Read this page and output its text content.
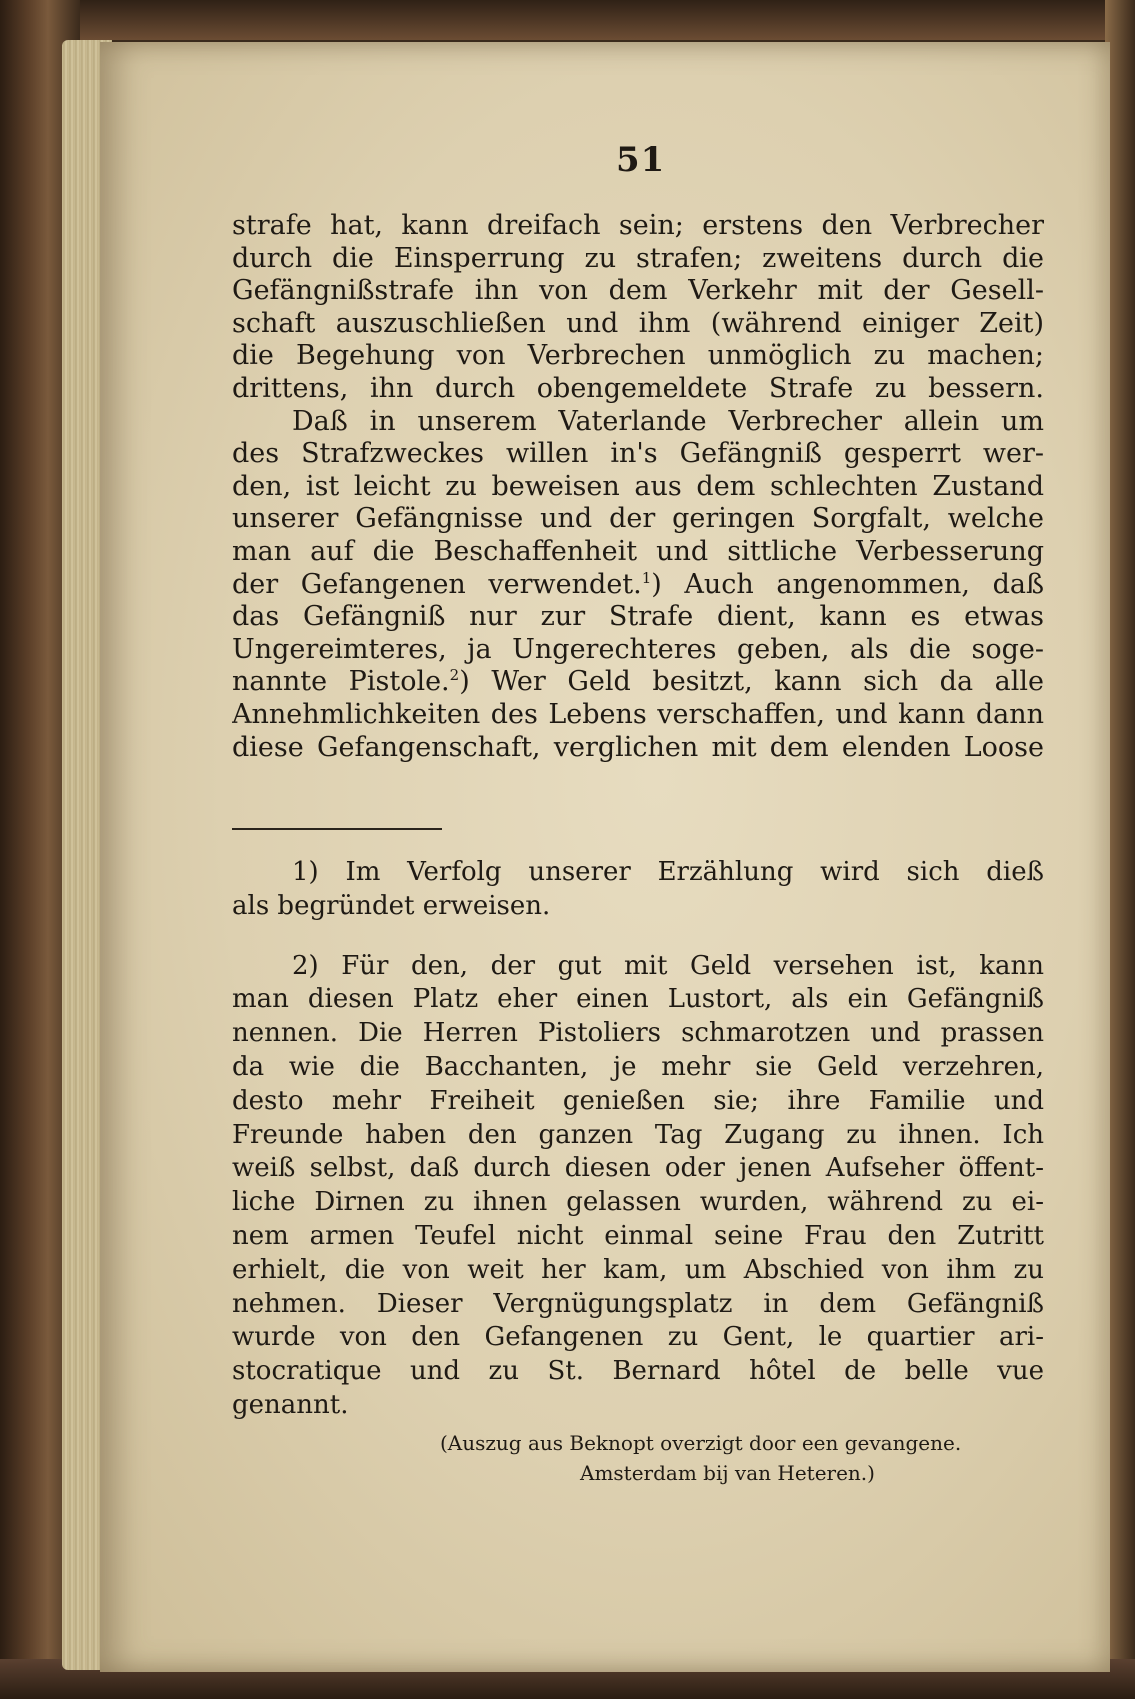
51
strafe hat, kann dreifach sein; erstens den Verbrecher
durch die Einsperrung zu strafen; zweitens durch die
Gefängnißstrafe ihn von dem Verkehr mit der Gesell-
schaft auszuschließen und ihm (während einiger Zeit)
die Begehung von Verbrechen unmöglich zu machen;
drittens, ihn durch obengemeldete Strafe zu bessern.
Daß in unserem Vaterlande Verbrecher allein um
des Strafzweckes willen in's Gefängniß gesperrt wer-
den, ist leicht zu beweisen aus dem schlechten Zustand
unserer Gefängnisse und der geringen Sorgfalt, welche
man auf die Beschaffenheit und sittliche Verbesserung
der Gefangenen verwendet.$^1$) Auch angenommen, daß
das Gefängniß nur zur Strafe dient, kann es etwas
Ungereimteres, ja Ungerechteres geben, als die soge-
nannte Pistole.$^2$) Wer Geld besitzt, kann sich da alle
Annehmlichkeiten des Lebens verschaffen, und kann dann
diese Gefangenschaft, verglichen mit dem elenden Loose
1) Im Verfolg unserer Erzählung wird sich dieß
als begründet erweisen.
2) Für den, der gut mit Geld versehen ist, kann
man diesen Platz eher einen Lustort, als ein Gefängniß
nennen. Die Herren Pistoliers schmarotzen und prassen
da wie die Bacchanten, je mehr sie Geld verzehren,
desto mehr Freiheit genießen sie; ihre Familie und
Freunde haben den ganzen Tag Zugang zu ihnen. Ich
weiß selbst, daß durch diesen oder jenen Aufseher öffent-
liche Dirnen zu ihnen gelassen wurden, während zu ei-
nem armen Teufel nicht einmal seine Frau den Zutritt
erhielt, die von weit her kam, um Abschied von ihm zu
nehmen. Dieser Vergnügungsplatz in dem Gefängniß
wurde von den Gefangenen zu Gent, le quartier ari-
stocratique und zu St. Bernard hôtel de belle vue
genannt.
(Auszug aus Beknopt overzigt door een gevangene.
Amsterdam bij van Heteren.)
